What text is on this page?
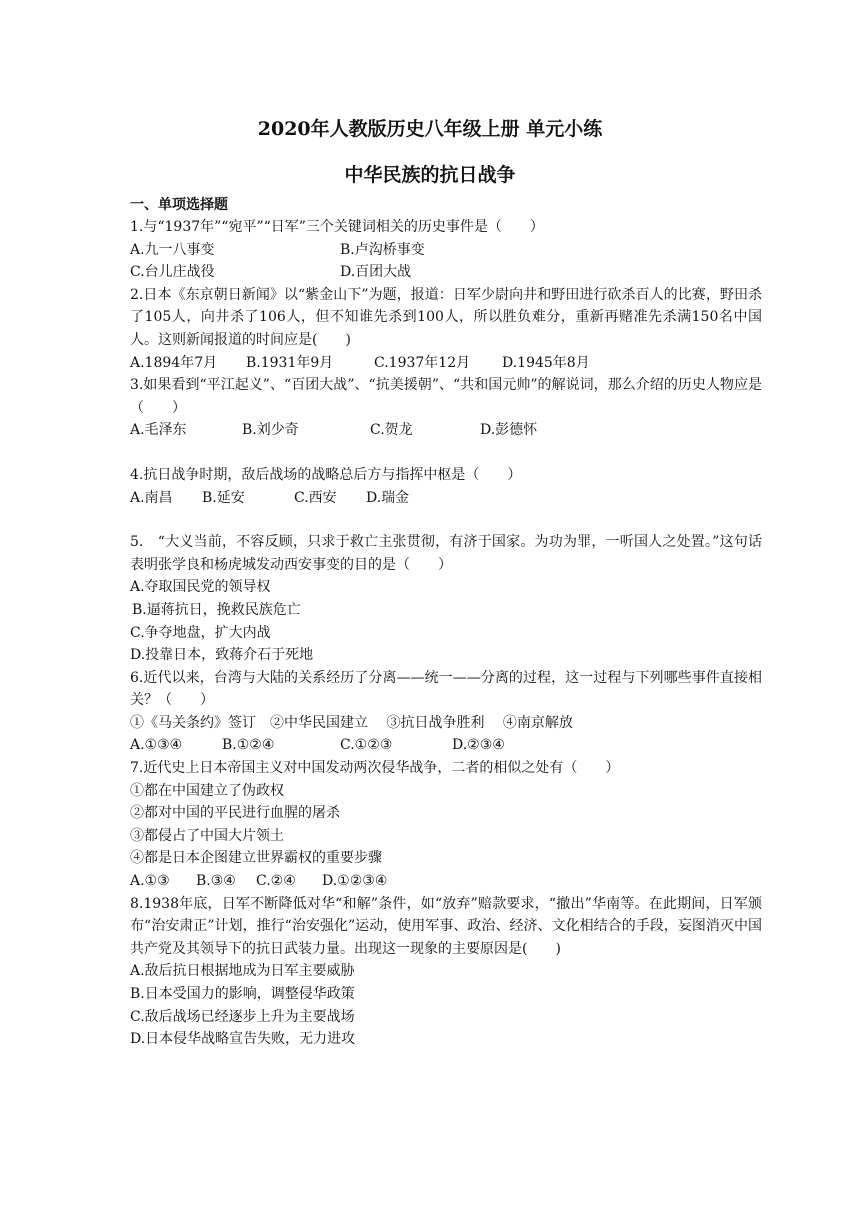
2020年人教版历史八年级上册 单元小练
中华民族的抗日战争
一、单项选择题
1.与“1937年”“宛平”“日军”三个关键词相关的历史事件是（　　）
A.九一八事变	B.卢沟桥事变
C.台儿庄战役	D.百团大战
2.日本《东京朝日新闻》以“紫金山下”为题，报道：日军少尉向井和野田进行砍杀百人的比赛，野田杀了105人，向井杀了106人，但不知谁先杀到100人，所以胜负难分，重新再赌准先杀满150名中国人。这则新闻报道的时间应是(　　)
A.1894年7月	B.1931年9月	C.1937年12月	D.1945年8月
3.如果看到“平江起义”、“百团大战”、“抗美援朝”、“共和国元帅”的解说词，那么介绍的历史人物应是（　　）
A.毛泽东	B.刘少奇	C.贺龙	D.彭德怀
4.抗日战争时期，敌后战场的战略总后方与指挥中枢是（　　）
A.南昌	B.延安	C.西安	D.瑞金
5.　“大义当前，不容反顾，只求于救亡主张贯彻，有济于国家。为功为罪，一听国人之处置。”这句话表明张学良和杨虎城发动西安事变的目的是（　　）
A.夺取国民党的领导权
B.逼蒋抗日，挽救民族危亡
C.争夺地盘，扩大内战
D.投靠日本，致蒋介石于死地
6.近代以来，台湾与大陆的关系经历了分离——统一——分离的过程，这一过程与下列哪些事件直接相关？（　　）
①《马关条约》签订　②中华民国建立　 ③抗日战争胜利　 ④南京解放
A.①③④	B.①②④	C.①②③	D.②③④
7.近代史上日本帝国主义对中国发动两次侵华战争，二者的相似之处有（　　）
①都在中国建立了伪政权
②都对中国的平民进行血腥的屠杀
③都侵占了中国大片领土
④都是日本企图建立世界霸权的重要步骤
A.①③	B.③④	C.②④	D.①②③④
8.1938年底，日军不断降低对华“和解”条件，如“放弃”赔款要求，“撤出”华南等。在此期间，日军颁布“治安肃正”计划，推行“治安强化”运动，使用军事、政治、经济、文化相结合的手段，妄图消灭中国共产党及其领导下的抗日武装力量。出现这一现象的主要原因是(　　)
A.敌后抗日根据地成为日军主要威胁
B.日本受国力的影响，调整侵华政策
C.敌后战场已经逐步上升为主要战场
D.日本侵华战略宣告失败，无力进攻
